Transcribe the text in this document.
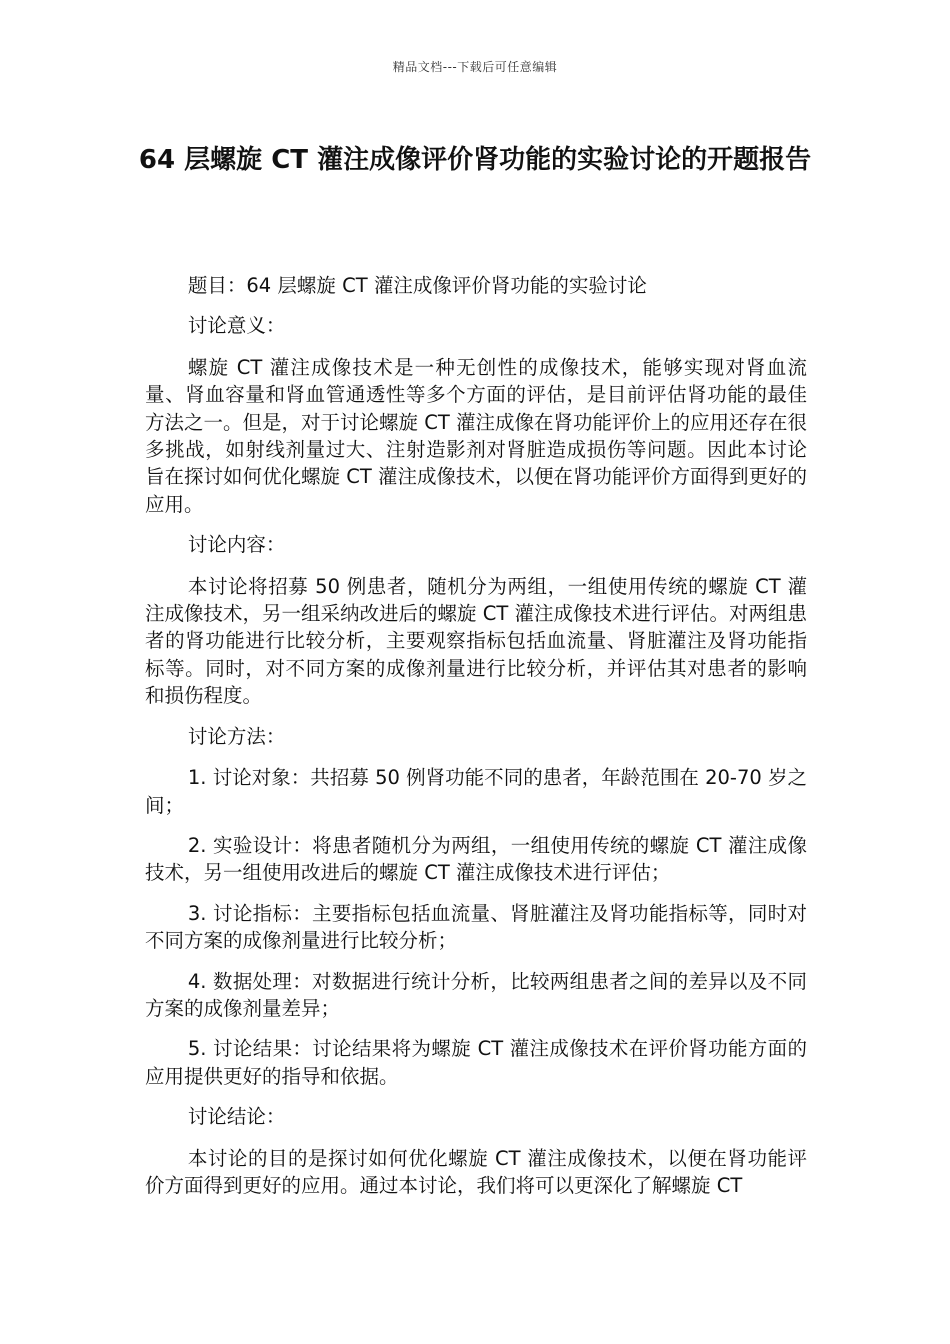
精品文档---下载后可任意编辑
64 层螺旋 CT 灌注成像评价肾功能的实验讨论的开题报告

题目：64 层螺旋 CT 灌注成像评价肾功能的实验讨论

讨论意义：

螺旋 CT 灌注成像技术是一种无创性的成像技术，能够实现对肾血流量、肾血容量和肾血管通透性等多个方面的评估，是目前评估肾功能的最佳方法之一。但是，对于讨论螺旋 CT 灌注成像在肾功能评价上的应用还存在很多挑战，如射线剂量过大、注射造影剂对肾脏造成损伤等问题。因此本讨论旨在探讨如何优化螺旋 CT 灌注成像技术，以便在肾功能评价方面得到更好的应用。

讨论内容：

本讨论将招募 50 例患者，随机分为两组，一组使用传统的螺旋 CT 灌注成像技术，另一组采纳改进后的螺旋 CT 灌注成像技术进行评估。对两组患者的肾功能进行比较分析，主要观察指标包括血流量、肾脏灌注及肾功能指标等。同时，对不同方案的成像剂量进行比较分析，并评估其对患者的影响和损伤程度。

讨论方法：

1. 讨论对象：共招募 50 例肾功能不同的患者，年龄范围在 20-70 岁之间；

2. 实验设计：将患者随机分为两组，一组使用传统的螺旋 CT 灌注成像技术，另一组使用改进后的螺旋 CT 灌注成像技术进行评估；

3. 讨论指标：主要指标包括血流量、肾脏灌注及肾功能指标等，同时对不同方案的成像剂量进行比较分析；

4. 数据处理：对数据进行统计分析，比较两组患者之间的差异以及不同方案的成像剂量差异；

5. 讨论结果：讨论结果将为螺旋 CT 灌注成像技术在评价肾功能方面的应用提供更好的指导和依据。

讨论结论：

本讨论的目的是探讨如何优化螺旋 CT 灌注成像技术，以便在肾功能评价方面得到更好的应用。通过本讨论，我们将可以更深化了解螺旋 CT
